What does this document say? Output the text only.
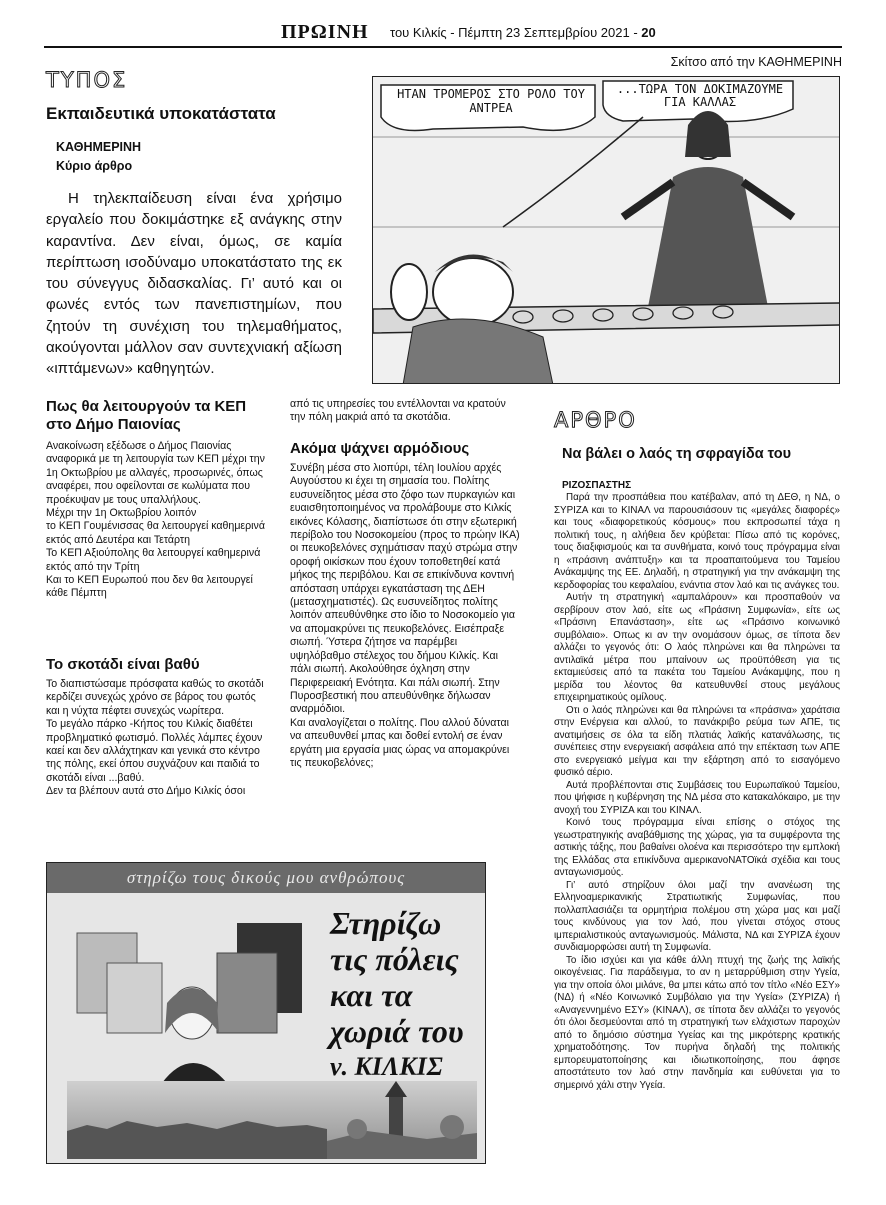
ΠΡΩΙΝΗ του Κιλκίς - Πέμπτη 23 Σεπτεμβρίου 2021 - 20
Σκίτσο από την ΚΑΘΗΜΕΡΙΝΗ
ΤΥΠΟΣ
Εκπαιδευτικά υποκατάστατα
ΚΑΘΗΜΕΡΙΝΗ
Κύριο άρθρο
Η τηλεκπαίδευση είναι ένα χρήσιμο εργαλείο που δοκιμάστηκε εξ ανάγκης στην καραντίνα. Δεν είναι, όμως, σε καμία περίπτωση ισοδύναμο υποκατάστατο της εκ του σύνεγγυς διδασκαλίας. Γι’ αυτό και οι φωνές εντός των πανεπιστημίων, που ζητούν τη συνέχιση του τηλεμαθήματος, ακούγονται μάλλον σαν συντεχνιακή αξίωση «ιπτάμενων» καθηγητών.
ΗΤΑΝ ΤΡΟΜΕΡΟΣ ΣΤΟ ΡΟΛΟ ΤΟΥ ΑΝΤΡΕΑ
...ΤΩΡΑ ΤΟΝ ΔΟΚΙΜΑΖΟΥΜΕ ΓΙΑ ΚΑΛΛΑΣ
Πως θα λειτουργούν τα ΚΕΠ
στο Δήμο Παιονίας

Ανακοίνωση εξέδωσε ο Δήμος Παιονίας αναφορικά με τη λειτουργία των ΚΕΠ μέχρι την 1η Οκτωβρίου με αλλαγές, προσωρινές, όπως αναφέρει, που οφείλονται σε κωλύματα που προέκυψαν με τους υπαλλήλους.

Μέχρι την 1η Οκτωβρίου λοιπόν

το ΚΕΠ Γουμένισσας θα λειτουργεί καθημερινά εκτός από Δευτέρα και Τετάρτη

Το ΚΕΠ Αξιούπολης θα λειτουργεί καθημερινά εκτός από την Τρίτη

Και το ΚΕΠ Ευρωπού που δεν θα λειτουργεί κάθε Πέμπτη

Το σκοτάδι είναι βαθύ

Το διαπιστώσαμε πρόσφατα καθώς το σκοτάδι κερδίζει συνεχώς χρόνο σε βάρος του φωτός και η νύχτα πέφτει συνεχώς νωρίτερα.

Το μεγάλο πάρκο -Κήπος του Κιλκίς διαθέτει προβληματικό φωτισμό. Πολλές λάμπες έχουν καεί και δεν αλλάχτηκαν και γενικά στο κέντρο της πόλης, εκεί όπου συχνάζουν και παιδιά το σκοτάδι είναι ...βαθύ.

Δεν τα βλέπουν αυτά στο Δήμο Κιλκίς όσοι

από τις υπηρεσίες του εντέλλονται να κρατούν την πόλη μακριά από τα σκοτάδια.
Ακόμα ψάχνει αρμόδιους

Συνέβη μέσα στο λιοπύρι, τέλη Ιουλίου αρχές Αυγούστου κι έχει τη σημασία του. Πολίτης ευσυνείδητος μέσα στο ζόφο των πυρκαγιών και ευαισθητοποιημένος να προλάβουμε στο Κιλκίς εικόνες Κόλασης, διαπίστωσε ότι στην εξωτερική περίβολο του Νοσοκομείου (προς το πρώην ΙΚΑ) οι πευκοβελόνες σχημάτισαν παχύ στρώμα στην οροφή οικίσκων που έχουν τοποθετηθεί κατά μήκος της περιβόλου. Και σε επικίνδυνα κοντινή απόσταση υπάρχει εγκατάσταση της ΔΕΗ (μετασχηματιστές). Ως ευσυνείδητος πολίτης λοιπόν απευθύνθηκε στο ίδιο το Νοσοκομείο για να απομακρύνει τις πευκοβελόνες. Εισέπραξε σιωπή. Ύστερα ζήτησε να παρέμβει υψηλόβαθμο στέλεχος του δήμου Κιλκίς. Και πάλι σιωπή. Ακολούθησε όχληση στην Περιφερειακή Ενότητα. Και πάλι σιωπή. Στην Πυροσβεστική που απευθύνθηκε δήλωσαν αναρμόδιοι.

Και αναλογίζεται ο πολίτης. Που αλλού δύναται να απευθυνθεί μπας και δοθεί εντολή σε έναν εργάτη μια εργασία μιας ώρας να απομακρύνει τις πευκοβελόνες;

ΑΡΘΡΟ
Να βάλει ο λαός τη σφραγίδα του
ΡΙΖΟΣΠΑΣΤΗΣ

Παρά την προσπάθεια που κατέβαλαν, από τη ΔΕΘ, η ΝΔ, ο ΣΥΡΙΖΑ και το ΚΙΝΑΛ να παρουσιάσουν τις «μεγάλες διαφορές» και τους «διαφορετικούς κόσμους» που εκπροσωπεί τάχα η πολιτική τους, η αλήθεια δεν κρύβεται: Πίσω από τις κορόνες, τους διαξιφισμούς και τα συνθήματα, κοινό τους πρόγραμμα είναι η «πράσινη ανάπτυξη» και τα προαπαιτούμενα του Ταμείου Ανάκαμψης της ΕΕ. Δηλαδή, η στρατηγική για την ανάκαμψη της κερδοφορίας του κεφαλαίου, ενάντια στον λαό και τις ανάγκες του.

Αυτήν τη στρατηγική «αμπαλάρουν» και προσπαθούν να σερβίρουν στον λαό, είτε ως «Πράσινη Συμφωνία», είτε ως «Πράσινη Επανάσταση», είτε ως «Πράσινο κοινωνικό συμβόλαιο». Οπως κι αν την ονομάσουν όμως, σε τίποτα δεν αλλάζει το γεγονός ότι: Ο λαός πληρώνει και θα πληρώνει τα αντιλαϊκά μέτρα που μπαίνουν ως προϋπόθεση για τις εκταμιεύσεις από τα πακέτα του Ταμείου Ανάκαμψης, που η μερίδα του λέοντος θα κατευθυνθεί στους μεγάλους επιχειρηματικούς ομίλους.

Οτι ο λαός πληρώνει και θα πληρώνει τα «πράσινα» χαράτσια στην Ενέργεια και αλλού, το πανάκριβο ρεύμα των ΑΠΕ, τις ανατιμήσεις σε όλα τα είδη πλατιάς λαϊκής κατανάλωσης, τις συνέπειες στην ενεργειακή ασφάλεια από την επέκταση των ΑΠΕ στο ενεργειακό μείγμα και την εξάρτηση από το εισαγόμενο φυσικό αέριο.

Αυτά προβλέπονται στις Συμβάσεις του Ευρωπαϊκού Ταμείου, που ψήφισε η κυβέρνηση της ΝΔ μέσα στο κατακαλόκαιρο, με την ανοχή του ΣΥΡΙΖΑ και του ΚΙΝΑΛ.

Κοινό τους πρόγραμμα είναι επίσης ο στόχος της γεωστρατηγικής αναβάθμισης της χώρας, για τα συμφέροντα της αστικής τάξης, που βαθαίνει ολοένα και περισσότερο την εμπλοκή της Ελλάδας στα επικίνδυνα αμερικανοΝΑΤΟϊκά σχέδια και τους ανταγωνισμούς.

Γι’ αυτό στηρίζουν όλοι μαζί την ανανέωση της Ελληνοαμερικανικής Στρατιωτικής Συμφωνίας, που πολλαπλασιάζει τα ορμητήρια πολέμου στη χώρα μας και μαζί τους κινδύνους για τον λαό, που γίνεται στόχος στους ιμπεριαλιστικούς ανταγωνισμούς. Μάλιστα, ΝΔ και ΣΥΡΙΖΑ έχουν συνδιαμορφώσει αυτή τη Συμφωνία.

Το ίδιο ισχύει και για κάθε άλλη πτυχή της ζωής της λαϊκής οικογένειας. Για παράδειγμα, το αν η μεταρρύθμιση στην Υγεία, για την οποία όλοι μιλάνε, θα μπει κάτω από τον τίτλο «Νέο ΕΣΥ» (ΝΔ) ή «Νέο Κοινωνικό Συμβόλαιο για την Υγεία» (ΣΥΡΙΖΑ) ή «Αναγεννημένο ΕΣΥ» (ΚΙΝΑΛ), σε τίποτα δεν αλλάζει το γεγονός ότι όλοι δεσμεύονται από τη στρατηγική των ελάχιστων παροχών από το δημόσιο σύστημα Υγείας και της μικρότερης κρατικής χρηματοδότησης. Τον πυρήνα δηλαδή της πολιτικής εμπορευματοποίησης και ιδιωτικοποίησης, που άφησε αποστάτευτο τον λαό στην πανδημία και ευθύνεται για το σημερινό χάλι στην Υγεία.

στηρίζω τους δικούς μου ανθρώπους
Στηρίζω
τις πόλεις
και τα
χωριά του
ν. ΚΙΛΚΙΣ
